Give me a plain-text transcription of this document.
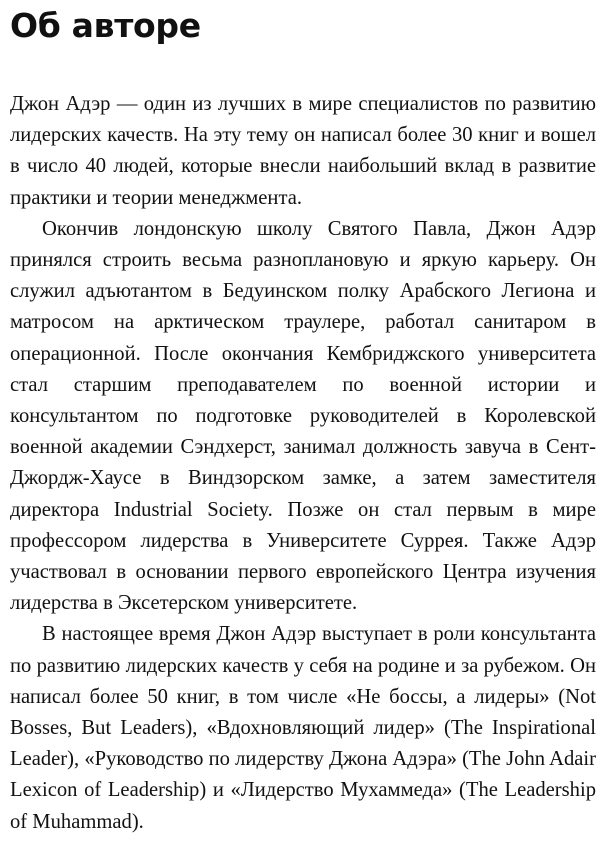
Об авторе

Джон Адэр — один из лучших в мире специалистов по развитию лидерских качеств. На эту тему он написал более 30 книг и вошел в число 40 людей, которые внесли наибольший вклад в развитие практики и теории менеджмента.

Окончив лондонскую школу Святого Павла, Джон Адэр принялся строить весьма разноплановую и яркую карьеру. Он служил адъютантом в Бедуинском полку Арабского Легиона и матросом на арктическом траулере, работал санитаром в операционной. После окончания Кембриджского университета стал старшим преподавателем по военной истории и консультантом по подготовке руководителей в Королевской военной академии Сэндхерст, занимал должность завуча в Сент-Джордж-Хаусе в Виндзорском замке, а затем заместителя директора Industrial Society. Позже он стал первым в мире профессором лидерства в Университете Суррея. Также Адэр участвовал в основании первого европейского Центра изучения лидерства в Эксетерском университете.

В настоящее время Джон Адэр выступает в роли консультанта по развитию лидерских качеств у себя на родине и за рубежом. Он написал более 50 книг, в том числе «Не боссы, а лидеры» (Not Bosses, But Leaders), «Вдохновляющий лидер» (The Inspirational Leader), «Руководство по лидерству Джона Адэра» (The John Adair Lexicon of Leadership) и «Лидерство Мухаммеда» (The Leadership of Muhammad).
